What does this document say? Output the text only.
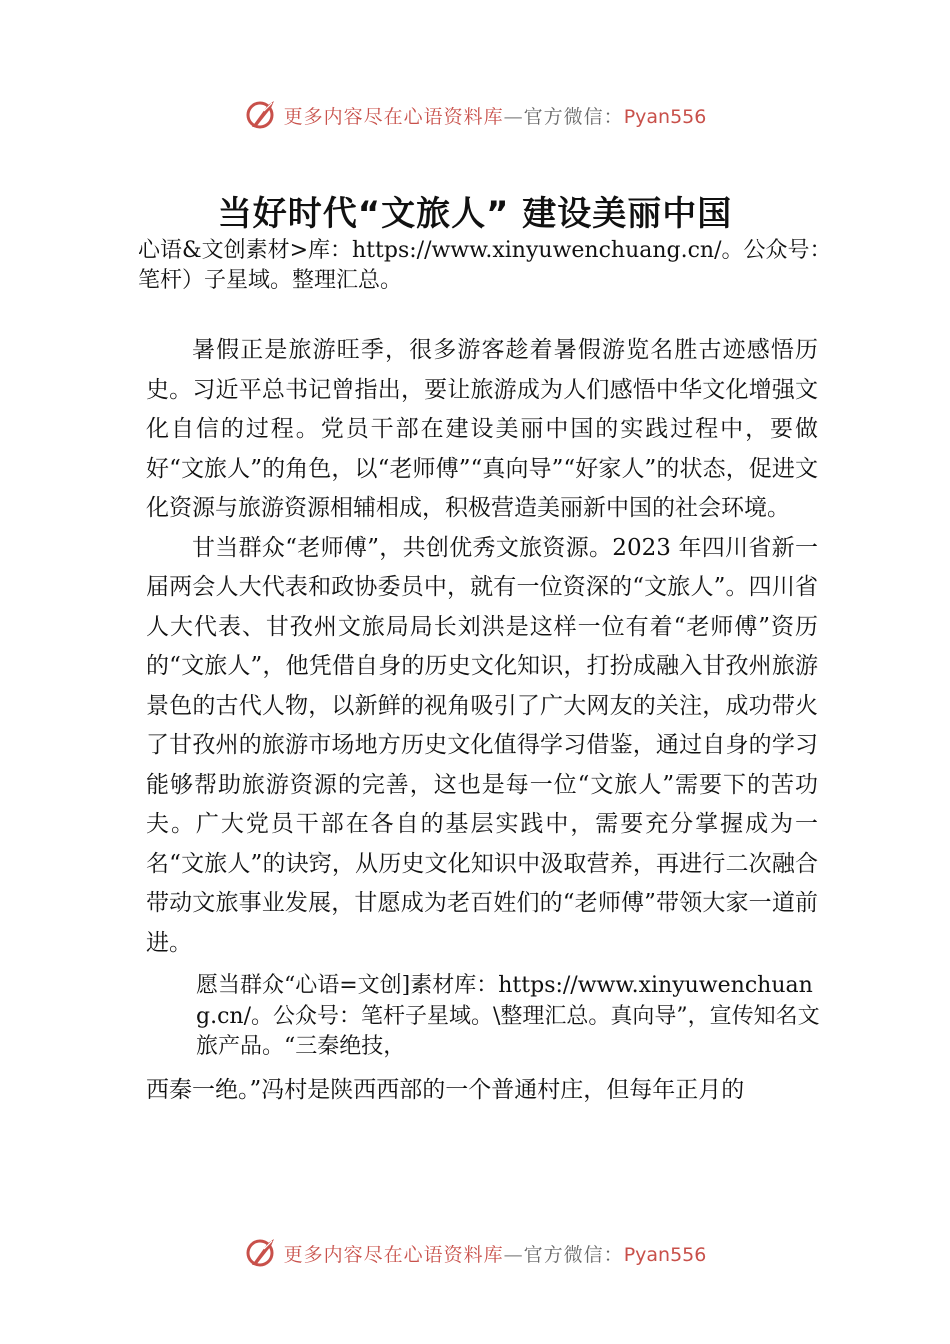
更多内容尽在心语资料库—官方微信：Pyan556
当好时代“文旅人” 建设美丽中国
心语&文创素材>库：https://www.xinyuwenchuang.cn/。公众号：笔杆）子星域。整理汇总。

暑假正是旅游旺季，很多游客趁着暑假游览名胜古迹感悟历史。习近平总书记曾指出，要让旅游成为人们感悟中华文化增强文化自信的过程。党员干部在建设美丽中国的实践过程中，要做好“文旅人”的角色，以“老师傅”“真向导”“好家人”的状态，促进文化资源与旅游资源相辅相成，积极营造美丽新中国的社会环境。

甘当群众“老师傅”，共创优秀文旅资源。2023 年四川省新一届两会人大代表和政协委员中，就有一位资深的“文旅人”。四川省人大代表、甘孜州文旅局局长刘洪是这样一位有着“老师傅”资历的“文旅人”，他凭借自身的历史文化知识，打扮成融入甘孜州旅游景色的古代人物，以新鲜的视角吸引了广大网友的关注，成功带火了甘孜州的旅游市场地方历史文化值得学习借鉴，通过自身的学习能够帮助旅游资源的完善，这也是每一位“文旅人”需要下的苦功夫。广大党员干部在各自的基层实践中，需要充分掌握成为一名“文旅人”的诀窍，从历史文化知识中汲取营养，再进行二次融合带动文旅事业发展，甘愿成为老百姓们的“老师傅”带领大家一道前进。

愿当群众“心语=文创]素材库：https://www.xinyuwenchuang.cn/。公众号：笔杆子星域。\整理汇总。真向导”，宣传知名文旅产品。“三秦绝技，

西秦一绝。”冯村是陕西西部的一个普通村庄，但每年正月的

更多内容尽在心语资料库—官方微信：Pyan556
